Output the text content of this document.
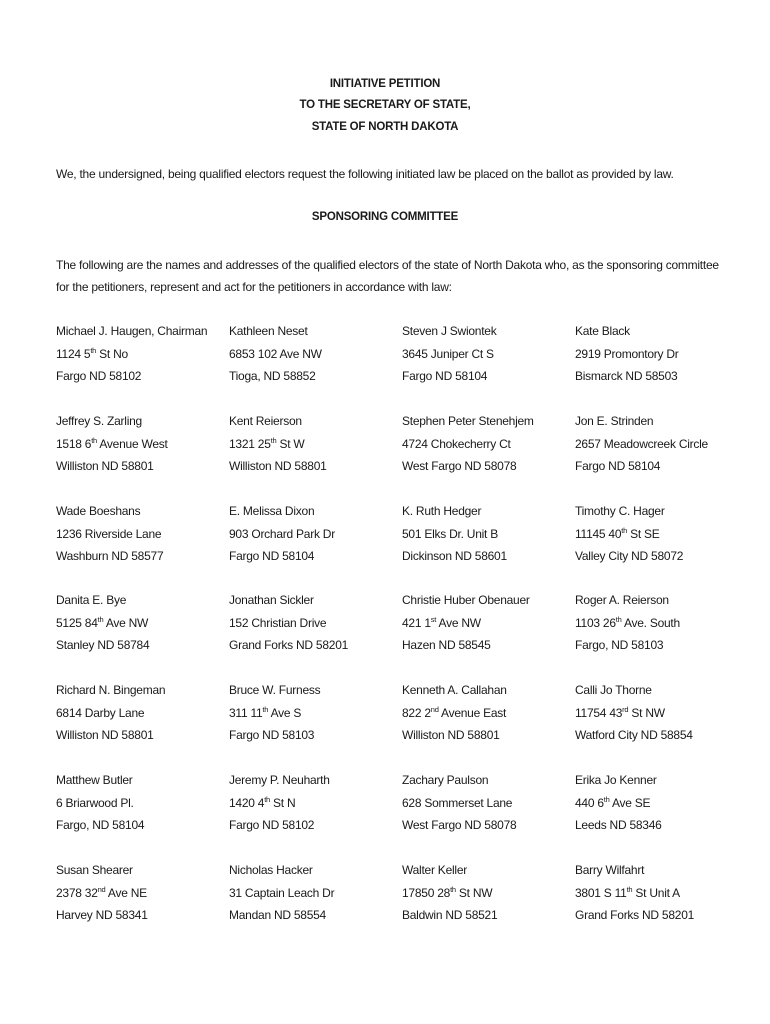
INITIATIVE PETITION
TO THE SECRETARY OF STATE,
STATE OF NORTH DAKOTA
We, the undersigned, being qualified electors request the following initiated law be placed on the ballot as provided by law.
SPONSORING COMMITTEE
The following are the names and addresses of the qualified electors of the state of North Dakota who, as the sponsoring committee for the petitioners, represent and act for the petitioners in accordance with law:
Michael J. Haugen, Chairman
1124 5th St No
Fargo ND 58102
Kathleen Neset
6853 102 Ave NW
Tioga, ND 58852
Steven J Swiontek
3645 Juniper Ct S
Fargo ND 58104
Kate Black
2919 Promontory Dr
Bismarck ND 58503
Jeffrey S. Zarling
1518 6th Avenue West
Williston ND 58801
Kent Reierson
1321 25th St W
Williston ND 58801
Stephen Peter Stenehjem
4724 Chokecherry Ct
West Fargo ND 58078
Jon E. Strinden
2657 Meadowcreek Circle
Fargo ND 58104
Wade Boeshans
1236 Riverside Lane
Washburn ND 58577
E. Melissa Dixon
903 Orchard Park Dr
Fargo ND 58104
K. Ruth Hedger
501 Elks Dr. Unit B
Dickinson ND 58601
Timothy C. Hager
11145 40th St SE
Valley City ND 58072
Danita E. Bye
5125 84th Ave NW
Stanley ND 58784
Jonathan Sickler
152 Christian Drive
Grand Forks ND 58201
Christie Huber Obenauer
421 1st Ave NW
Hazen ND 58545
Roger A. Reierson
1103 26th Ave. South
Fargo, ND 58103
Richard N. Bingeman
6814 Darby Lane
Williston ND 58801
Bruce W. Furness
311 11th Ave S
Fargo ND 58103
Kenneth A. Callahan
822 2nd Avenue East
Williston ND 58801
Calli Jo Thorne
11754 43rd St NW
Watford City ND 58854
Matthew Butler
6 Briarwood Pl.
Fargo, ND 58104
Jeremy P. Neuharth
1420 4th St N
Fargo ND 58102
Zachary Paulson
628 Sommerset Lane
West Fargo ND 58078
Erika Jo Kenner
440 6th Ave SE
Leeds ND 58346
Susan Shearer
2378 32nd Ave NE
Harvey ND 58341
Nicholas Hacker
31 Captain Leach Dr
Mandan ND 58554
Walter Keller
17850 28th St NW
Baldwin ND 58521
Barry Wilfahrt
3801 S 11th St Unit A
Grand Forks ND 58201
